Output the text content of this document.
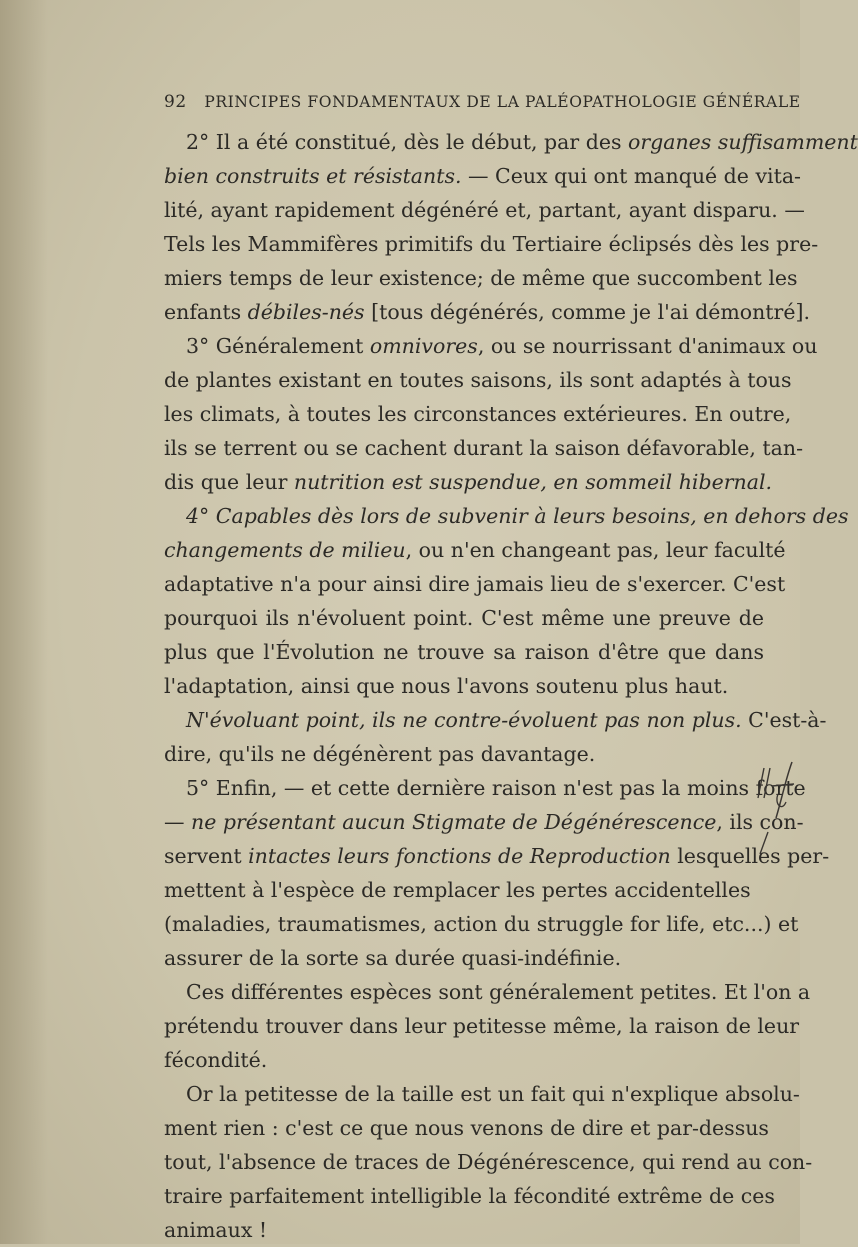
92 PRINCIPES FONDAMENTAUX DE LA PALÉOPATHOLOGIE GÉNÉRALE
2° Il a été constitué, dès le début, par des organes suffisamment
bien construits et résistants. — Ceux qui ont manqué de vita-
lité, ayant rapidement dégénéré et, partant, ayant disparu. —
Tels les Mammifères primitifs du Tertiaire éclipsés dès les pre-
miers temps de leur existence; de même que succombent les
enfants débiles-nés [tous dégénérés, comme je l'ai démontré].
3° Généralement omnivores, ou se nourrissant d'animaux ou
de plantes existant en toutes saisons, ils sont adaptés à tous
les climats, à toutes les circonstances extérieures. En outre,
ils se terrent ou se cachent durant la saison défavorable, tan-
dis que leur nutrition est suspendue, en sommeil hibernal.
4° Capables dès lors de subvenir à leurs besoins, en dehors des
changements de milieu, ou n'en changeant pas, leur faculté
adaptative n'a pour ainsi dire jamais lieu de s'exercer. C'est
pourquoi ils n'évoluent point. C'est même une preuve de
plus que l'Évolution ne trouve sa raison d'être que dans
l'adaptation, ainsi que nous l'avons soutenu plus haut.
N'évoluant point, ils ne contre-évoluent pas non plus. C'est-à-
dire, qu'ils ne dégénèrent pas davantage.
5° Enfin, — et cette dernière raison n'est pas la moins forte
— ne présentant aucun Stigmate de Dégénérescence, ils con-
servent intactes leurs fonctions de Reproduction lesquelles per-
mettent à l'espèce de remplacer les pertes accidentelles
(maladies, traumatismes, action du struggle for life, etc...) et
assurer de la sorte sa durée quasi-indéfinie.
Ces différentes espèces sont généralement petites. Et l'on a
prétendu trouver dans leur petitesse même, la raison de leur
fécondité.
Or la petitesse de la taille est un fait qui n'explique absolu-
ment rien : c'est ce que nous venons de dire et par-dessus
tout, l'absence de traces de Dégénérescence, qui rend au con-
traire parfaitement intelligible la fécondité extrême de ces
animaux !
